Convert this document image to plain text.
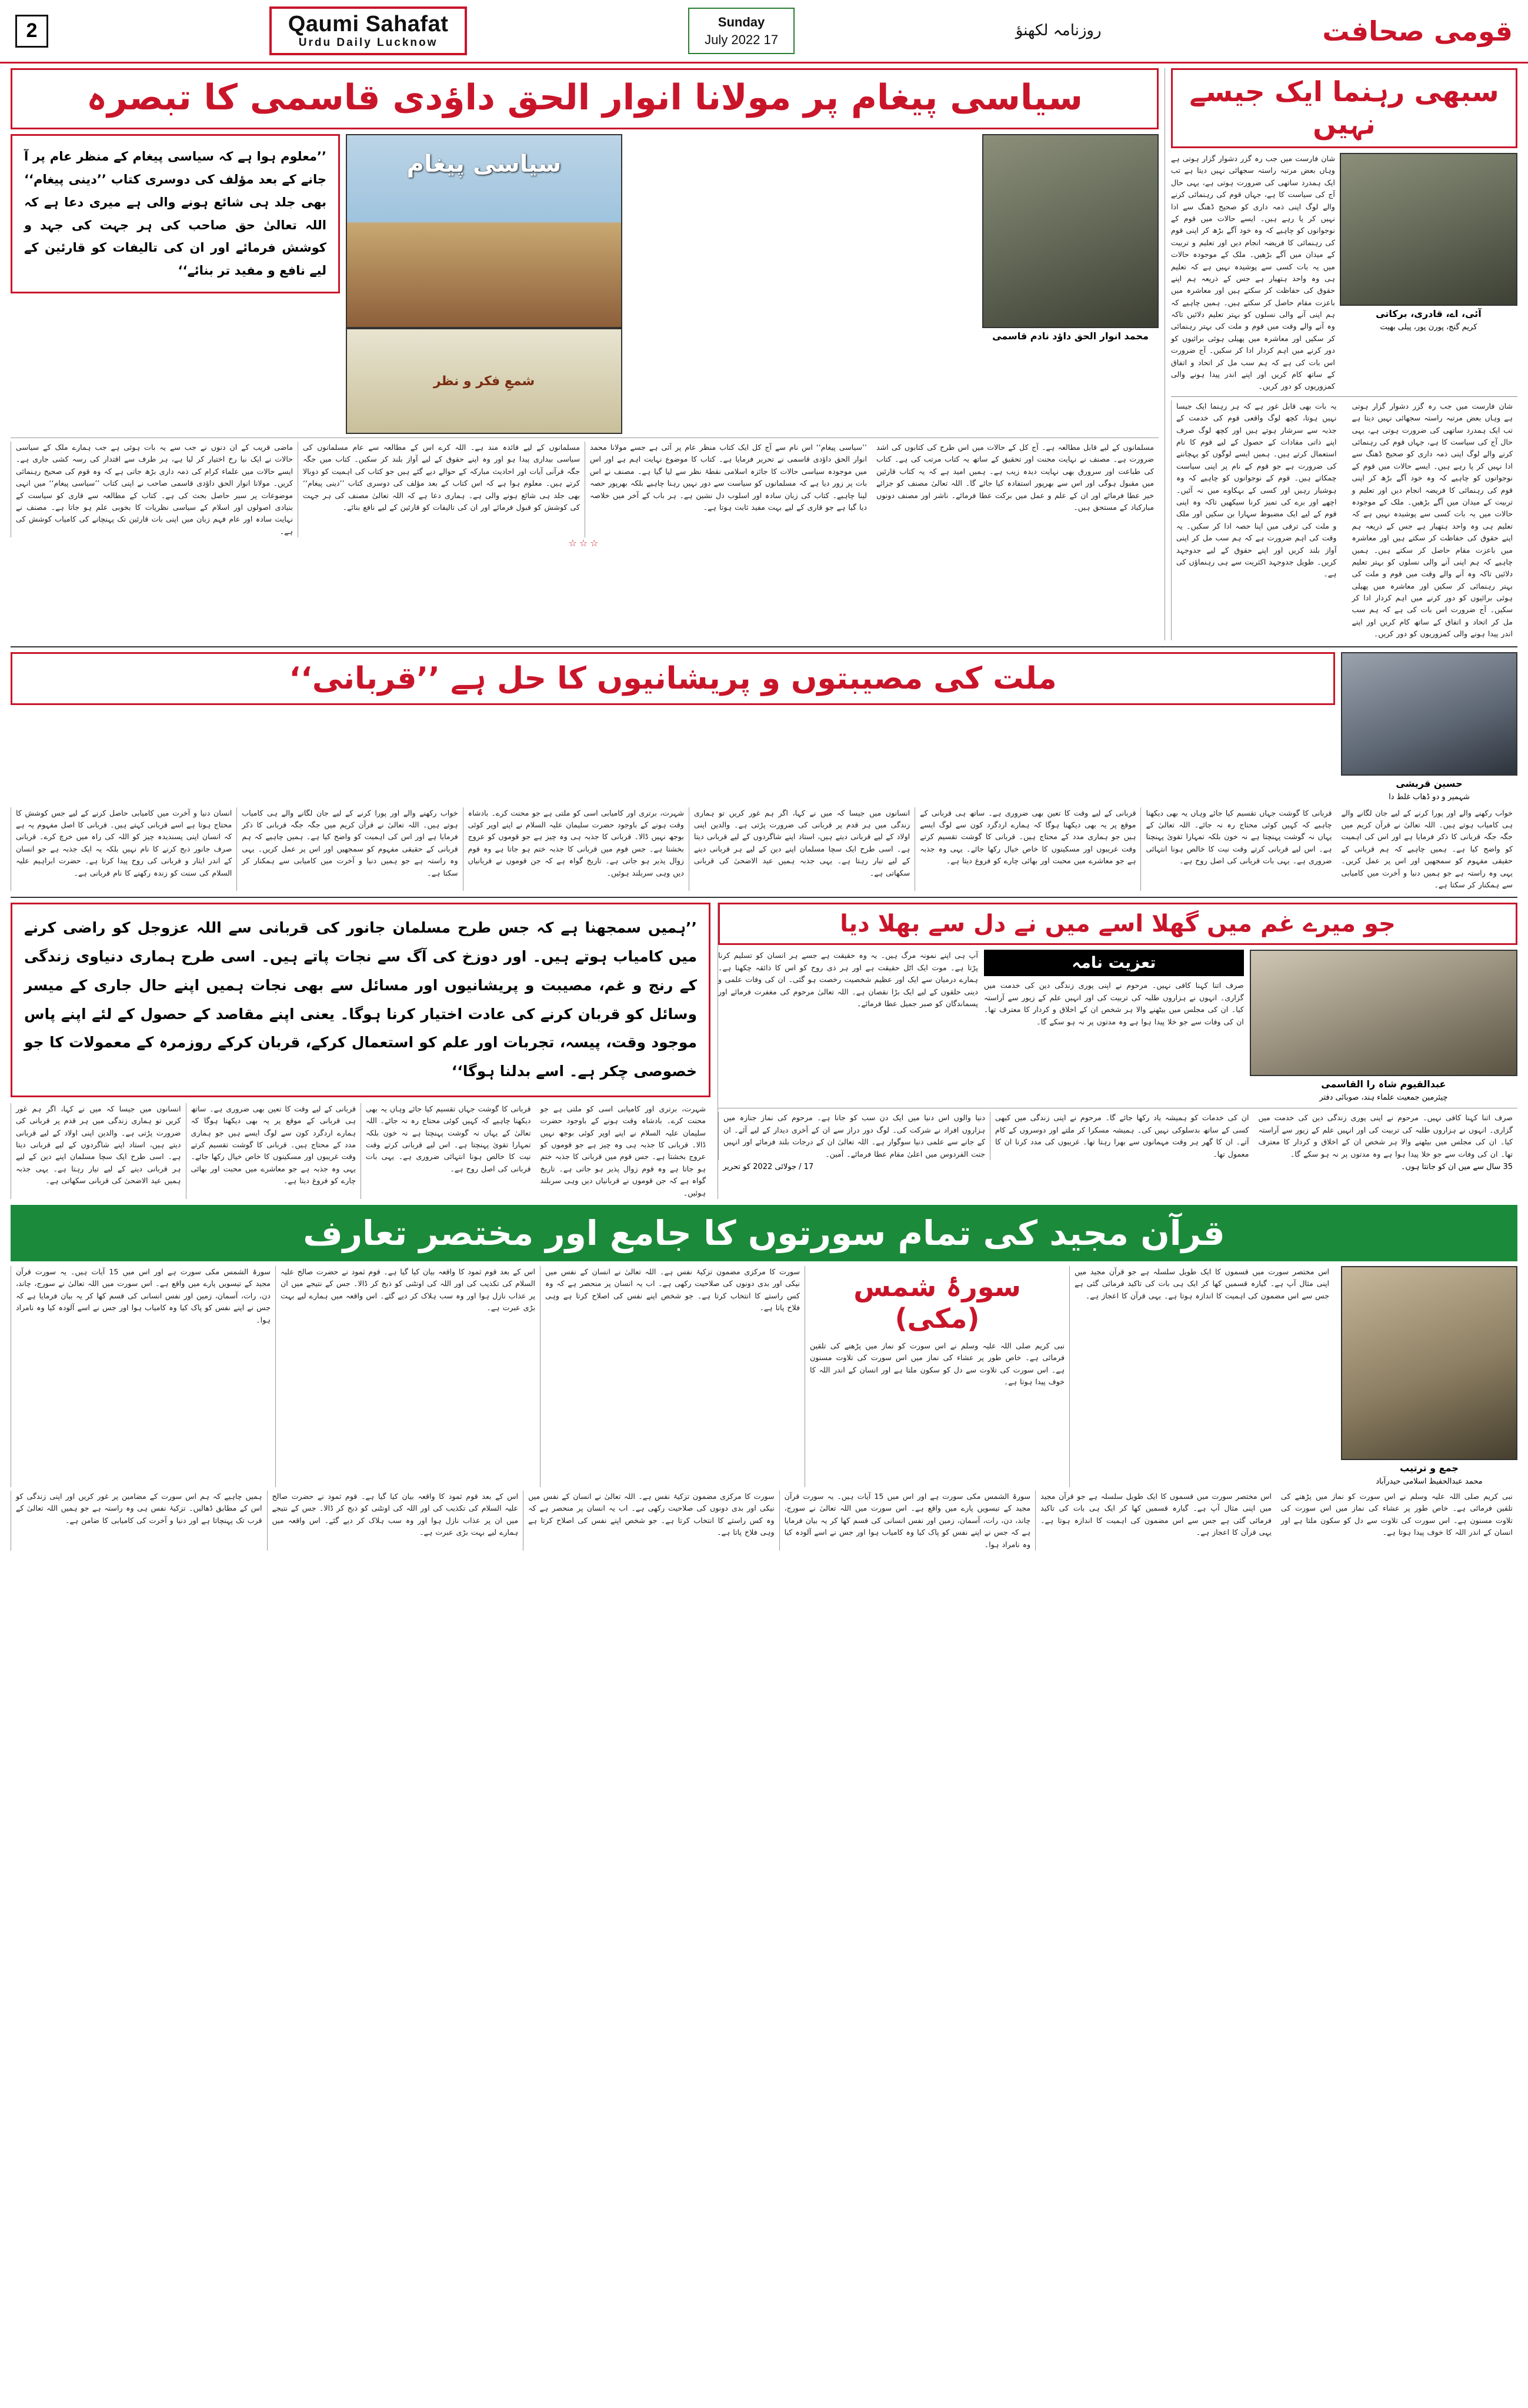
2	Qaumi Sahafat
Urdu Daily Lucknow
Sunday
17 July 2022	روزنامہ لکھنؤ	قومی صحافت
سیاسی پیغام پر مولانا انوار الحق داؤدی قاسمی کا تبصرہ
’’معلوم ہوا ہے کہ سیاسی پیغام کے منظر عام پر آ جانے کے بعد مؤلف کی دوسری کتاب ’’دینی پیغام‘‘ بھی جلد ہی شائع ہونے والی ہے میری دعا ہے کہ اللہ تعالیٰ حق صاحب کی ہر جہت کی جہد و کوشش فرمائے اور ان کی تالیفات کو قارئین کے لیے نافع و مفید تر بنائے‘‘
سیاسی پیغام
شمعِ فکر و نظر
محمد انوار الحق داؤد نادم قاسمی
ماضی قریب کے ان دنوں نے جب سے یہ بات ہوئی ہے جب ہمارے ملک کے سیاسی حالات نے ایک نیا رخ اختیار کر لیا ہے، ہر طرف سے اقتدار کی رسہ کشی جاری ہے۔ ایسے حالات میں علماء کرام کی ذمہ داری بڑھ جاتی ہے کہ وہ قوم کی صحیح رہنمائی کریں۔ مولانا انوار الحق داؤدی قاسمی صاحب نے اپنی کتاب ’’سیاسی پیغام‘‘ میں انہی موضوعات پر سیر حاصل بحث کی ہے۔ کتاب کے مطالعہ سے قاری کو سیاست کے بنیادی اصولوں اور اسلام کے سیاسی نظریات کا بخوبی علم ہو جاتا ہے۔ مصنف نے نہایت سادہ اور عام فہم زبان میں اپنی بات قارئین تک پہنچانے کی کامیاب کوشش کی ہے۔
مسلمانوں کے لیے فائدہ مند ہے۔ اللہ کرے اس کے مطالعہ سے عام مسلمانوں کی سیاسی بیداری پیدا ہو اور وہ اپنے حقوق کے لیے آواز بلند کر سکیں۔ کتاب میں جگہ جگہ قرآنی آیات اور احادیث مبارکہ کے حوالے دیے گئے ہیں جو کتاب کی اہمیت کو دوبالا کرتے ہیں۔ معلوم ہوا ہے کہ اس کتاب کے بعد مؤلف کی دوسری کتاب ’’دینی پیغام‘‘ بھی جلد ہی شائع ہونے والی ہے۔ ہماری دعا ہے کہ اللہ تعالیٰ مصنف کی ہر جہت کی کوشش کو قبول فرمائے اور ان کی تالیفات کو قارئین کے لیے نافع بنائے۔
’’سیاسی پیغام‘‘ اس نام سے آج کل ایک کتاب منظر عام پر آئی ہے جسے مولانا محمد انوار الحق داؤدی قاسمی نے تحریر فرمایا ہے۔ کتاب کا موضوع نہایت اہم ہے اور اس میں موجودہ سیاسی حالات کا جائزہ اسلامی نقطۂ نظر سے لیا گیا ہے۔ مصنف نے اس بات پر زور دیا ہے کہ مسلمانوں کو سیاست سے دور نہیں رہنا چاہیے بلکہ بھرپور حصہ لینا چاہیے۔ کتاب کی زبان سادہ اور اسلوب دل نشین ہے۔ ہر باب کے آخر میں خلاصہ دیا گیا ہے جو قاری کے لیے بہت مفید ثابت ہوتا ہے۔
مسلمانوں کے لیے قابل مطالعہ ہے۔ آج کل کے حالات میں اس طرح کی کتابوں کی اشد ضرورت ہے۔ مصنف نے نہایت محنت اور تحقیق کے ساتھ یہ کتاب مرتب کی ہے۔ کتاب کی طباعت اور سرورق بھی نہایت دیدہ زیب ہے۔ ہمیں امید ہے کہ یہ کتاب قارئین میں مقبول ہوگی اور اس سے بھرپور استفادہ کیا جائے گا۔ اللہ تعالیٰ مصنف کو جزائے خیر عطا فرمائے اور ان کے علم و عمل میں برکت عطا فرمائے۔ ناشر اور مصنف دونوں مبارکباد کے مستحق ہیں۔
☆☆☆
سبھی رہنما ایک جیسے نہیں
شان فارست میں جب رہ گزر دشوار گزار ہوتی ہے وہاں بعض مرتبہ راستہ سجھائی نہیں دیتا ہے تب ایک ہمدرد ساتھی کی ضرورت ہوتی ہے، یہی حال آج کی سیاست کا ہے، جہاں قوم کی رہنمائی کرنے والے لوگ اپنی ذمہ داری کو صحیح ڈھنگ سے ادا نہیں کر پا رہے ہیں۔ ایسے حالات میں قوم کے نوجوانوں کو چاہیے کہ وہ خود آگے بڑھ کر اپنی قوم کی رہنمائی کا فریضہ انجام دیں اور تعلیم و تربیت کے میدان میں آگے بڑھیں۔ ملک کے موجودہ حالات میں یہ بات کسی سے پوشیدہ نہیں ہے کہ تعلیم ہی وہ واحد ہتھیار ہے جس کے ذریعہ ہم اپنے حقوق کی حفاظت کر سکتے ہیں اور معاشرہ میں باعزت مقام حاصل کر سکتے ہیں۔ ہمیں چاہیے کہ ہم اپنی آنے والی نسلوں کو بہتر تعلیم دلائیں تاکہ وہ آنے والے وقت میں قوم و ملت کی بہتر رہنمائی کر سکیں اور معاشرہ میں پھیلی ہوئی برائیوں کو دور کرنے میں اہم کردار ادا کر سکیں۔ آج ضرورت اس بات کی ہے کہ ہم سب مل کر اتحاد و اتفاق کے ساتھ کام کریں اور اپنے اندر پیدا ہونے والی کمزوریوں کو دور کریں۔
آئی، اے، قادری، برکاتی
کریم گنج، پورن پور، پیلی بھیت
یہ بات بھی قابل غور ہے کہ ہر رہنما ایک جیسا نہیں ہوتا، کچھ لوگ واقعی قوم کی خدمت کے جذبہ سے سرشار ہوتے ہیں اور کچھ لوگ صرف اپنے ذاتی مفادات کے حصول کے لیے قوم کا نام استعمال کرتے ہیں۔ ہمیں ایسے لوگوں کو پہچاننے کی ضرورت ہے جو قوم کے نام پر اپنی سیاست چمکاتے ہیں۔ قوم کے نوجوانوں کو چاہیے کہ وہ ہوشیار رہیں اور کسی کے بہکاوے میں نہ آئیں۔ اچھے اور برے کی تمیز کرنا سیکھیں تاکہ وہ اپنی قوم کے لیے ایک مضبوط سہارا بن سکیں اور ملک و ملت کی ترقی میں اپنا حصہ ادا کر سکیں۔ یہ وقت کی اہم ضرورت ہے کہ ہم سب مل کر اپنی آواز بلند کریں اور اپنے حقوق کے لیے جدوجہد کریں۔ طویل جدوجہد اکثریت سے ہی رہنماؤں کی ہے۔
شان فارست میں جب رہ گزر دشوار گزار ہوتی ہے وہاں بعض مرتبہ راستہ سجھائی نہیں دیتا ہے تب ایک ہمدرد ساتھی کی ضرورت ہوتی ہے، یہی حال آج کی سیاست کا ہے، جہاں قوم کی رہنمائی کرنے والے لوگ اپنی ذمہ داری کو صحیح ڈھنگ سے ادا نہیں کر پا رہے ہیں۔ ایسے حالات میں قوم کے نوجوانوں کو چاہیے کہ وہ خود آگے بڑھ کر اپنی قوم کی رہنمائی کا فریضہ انجام دیں اور تعلیم و تربیت کے میدان میں آگے بڑھیں۔ ملک کے موجودہ حالات میں یہ بات کسی سے پوشیدہ نہیں ہے کہ تعلیم ہی وہ واحد ہتھیار ہے جس کے ذریعہ ہم اپنے حقوق کی حفاظت کر سکتے ہیں اور معاشرہ میں باعزت مقام حاصل کر سکتے ہیں۔ ہمیں چاہیے کہ ہم اپنی آنے والی نسلوں کو بہتر تعلیم دلائیں تاکہ وہ آنے والے وقت میں قوم و ملت کی بہتر رہنمائی کر سکیں اور معاشرہ میں پھیلی ہوئی برائیوں کو دور کرنے میں اہم کردار ادا کر سکیں۔ آج ضرورت اس بات کی ہے کہ ہم سب مل کر اتحاد و اتفاق کے ساتھ کام کریں اور اپنے اندر پیدا ہونے والی کمزوریوں کو دور کریں۔
ملت کی مصیبتوں و پریشانیوں کا حل ہے ’’قربانی‘‘
حسین قریشی
شہمیر و دو ڈھاب غلط دا
انسان دنیا و آخرت میں کامیابی حاصل کرنے کے لیے جس کوشش کا محتاج ہوتا ہے اسے قربانی کہتے ہیں۔ قربانی کا اصل مفہوم یہ ہے کہ انسان اپنی پسندیدہ چیز کو اللہ کی راہ میں خرچ کرے۔ قربانی صرف جانور ذبح کرنے کا نام نہیں بلکہ یہ ایک جذبہ ہے جو انسان کے اندر ایثار و قربانی کی روح پیدا کرتا ہے۔ حضرت ابراہیم علیہ السلام کی سنت کو زندہ رکھنے کا نام قربانی ہے۔
خواب رکھنے والے اور پورا کرنے کے لیے جان لگانے والے ہی کامیاب ہوتے ہیں۔ اللہ تعالیٰ نے قرآن کریم میں جگہ جگہ قربانی کا ذکر فرمایا ہے اور اس کی اہمیت کو واضح کیا ہے۔ ہمیں چاہیے کہ ہم قربانی کے حقیقی مفہوم کو سمجھیں اور اس پر عمل کریں۔ یہی وہ راستہ ہے جو ہمیں دنیا و آخرت میں کامیابی سے ہمکنار کر سکتا ہے۔
شہرت، برتری اور کامیابی اسی کو ملتی ہے جو محنت کرے۔ بادشاہ وقت ہونے کے باوجود حضرت سلیمان علیہ السلام نے اپنے اوپر کوئی بوجھ نہیں ڈالا۔ قربانی کا جذبہ ہی وہ چیز ہے جو قوموں کو عروج بخشتا ہے۔ جس قوم میں قربانی کا جذبہ ختم ہو جاتا ہے وہ قوم زوال پذیر ہو جاتی ہے۔ تاریخ گواہ ہے کہ جن قوموں نے قربانیاں دیں وہی سربلند ہوئیں۔
انسانوں میں جیسا کہ میں نے کہا، اگر ہم غور کریں تو ہماری زندگی میں ہر قدم پر قربانی کی ضرورت پڑتی ہے۔ والدین اپنی اولاد کے لیے قربانی دیتے ہیں، استاد اپنے شاگردوں کے لیے قربانی دیتا ہے۔ اسی طرح ایک سچا مسلمان اپنے دین کے لیے ہر قربانی دینے کے لیے تیار رہتا ہے۔ یہی جذبہ ہمیں عید الاضحیٰ کی قربانی سکھاتی ہے۔
قربانی کے لیے وقت کا تعین بھی ضروری ہے۔ ساتھ ہی قربانی کے موقع پر یہ بھی دیکھنا ہوگا کہ ہمارے اردگرد کون سے لوگ ایسے ہیں جو ہماری مدد کے محتاج ہیں۔ قربانی کا گوشت تقسیم کرتے وقت غریبوں اور مسکینوں کا خاص خیال رکھا جائے۔ یہی وہ جذبہ ہے جو معاشرے میں محبت اور بھائی چارے کو فروغ دیتا ہے۔
قربانی کا گوشت جہاں تقسیم کیا جائے وہاں یہ بھی دیکھنا چاہیے کہ کہیں کوئی محتاج رہ نہ جائے۔ اللہ تعالیٰ کے یہاں نہ گوشت پہنچتا ہے نہ خون بلکہ تمہارا تقویٰ پہنچتا ہے۔ اس لیے قربانی کرتے وقت نیت کا خالص ہونا انتہائی ضروری ہے۔ یہی بات قربانی کی اصل روح ہے۔
خواب رکھنے والے اور پورا کرنے کے لیے جان لگانے والے ہی کامیاب ہوتے ہیں۔ اللہ تعالیٰ نے قرآن کریم میں جگہ جگہ قربانی کا ذکر فرمایا ہے اور اس کی اہمیت کو واضح کیا ہے۔ ہمیں چاہیے کہ ہم قربانی کے حقیقی مفہوم کو سمجھیں اور اس پر عمل کریں۔ یہی وہ راستہ ہے جو ہمیں دنیا و آخرت میں کامیابی سے ہمکنار کر سکتا ہے۔
’’ہمیں سمجھنا ہے کہ جس طرح مسلمان جانور کی قربانی سے اللہ عزوجل کو راضی کرنے میں کامیاب ہوتے ہیں۔ اور دوزخ کی آگ سے نجات پاتے ہیں۔ اسی طرح ہماری دنیاوی زندگی کے رنج و غم، مصیبت و پریشانیوں اور مسائل سے بھی نجات ہمیں اپنے حال جاری کے میسر وسائل کو قربان کرنے کی عادت اختیار کرنا ہوگا۔ یعنی اپنے مقاصد کے حصول کے لئے اپنے پاس موجود وقت، پیسہ، تجربات اور علم کو استعمال کرکے، قربان کرکے روزمرہ کے معمولات کا جو خصوصی چکر ہے۔ اسے بدلنا ہوگا‘‘
انسانوں میں جیسا کہ میں نے کہا، اگر ہم غور کریں تو ہماری زندگی میں ہر قدم پر قربانی کی ضرورت پڑتی ہے۔ والدین اپنی اولاد کے لیے قربانی دیتے ہیں، استاد اپنے شاگردوں کے لیے قربانی دیتا ہے۔ اسی طرح ایک سچا مسلمان اپنے دین کے لیے ہر قربانی دینے کے لیے تیار رہتا ہے۔ یہی جذبہ ہمیں عید الاضحیٰ کی قربانی سکھاتی ہے۔
قربانی کے لیے وقت کا تعین بھی ضروری ہے۔ ساتھ ہی قربانی کے موقع پر یہ بھی دیکھنا ہوگا کہ ہمارے اردگرد کون سے لوگ ایسے ہیں جو ہماری مدد کے محتاج ہیں۔ قربانی کا گوشت تقسیم کرتے وقت غریبوں اور مسکینوں کا خاص خیال رکھا جائے۔ یہی وہ جذبہ ہے جو معاشرے میں محبت اور بھائی چارے کو فروغ دیتا ہے۔
قربانی کا گوشت جہاں تقسیم کیا جائے وہاں یہ بھی دیکھنا چاہیے کہ کہیں کوئی محتاج رہ نہ جائے۔ اللہ تعالیٰ کے یہاں نہ گوشت پہنچتا ہے نہ خون بلکہ تمہارا تقویٰ پہنچتا ہے۔ اس لیے قربانی کرتے وقت نیت کا خالص ہونا انتہائی ضروری ہے۔ یہی بات قربانی کی اصل روح ہے۔
شہرت، برتری اور کامیابی اسی کو ملتی ہے جو محنت کرے۔ بادشاہ وقت ہونے کے باوجود حضرت سلیمان علیہ السلام نے اپنے اوپر کوئی بوجھ نہیں ڈالا۔ قربانی کا جذبہ ہی وہ چیز ہے جو قوموں کو عروج بخشتا ہے۔ جس قوم میں قربانی کا جذبہ ختم ہو جاتا ہے وہ قوم زوال پذیر ہو جاتی ہے۔ تاریخ گواہ ہے کہ جن قوموں نے قربانیاں دیں وہی سربلند ہوئیں۔
جو میرے غم میں گھلا اسے میں نے دل سے بھلا دیا
آپ ہی اپنے نمونہ مرگ ہیں۔ یہ وہ حقیقت ہے جسے ہر انسان کو تسلیم کرنا پڑتا ہے۔ موت ایک اٹل حقیقت ہے اور ہر ذی روح کو اس کا ذائقہ چکھنا ہے۔ ہمارے درمیان سے ایک اور عظیم شخصیت رخصت ہو گئی۔ ان کی وفات علمی و دینی حلقوں کے لیے ایک بڑا نقصان ہے۔ اللہ تعالیٰ مرحوم کی مغفرت فرمائے اور پسماندگان کو صبر جمیل عطا فرمائے۔
تعزیت نامہ
صرف اتنا کہنا کافی نہیں۔ مرحوم نے اپنی پوری زندگی دین کی خدمت میں گزاری۔ انہوں نے ہزاروں طلبہ کی تربیت کی اور انہیں علم کے زیور سے آراستہ کیا۔ ان کی مجلس میں بیٹھنے والا ہر شخص ان کے اخلاق و کردار کا معترف تھا۔ ان کی وفات سے جو خلا پیدا ہوا ہے وہ مدتوں پر نہ ہو سکے گا۔
عبدالقیوم شاہ را القاسمی
چیئرمین جمعیت علماء ہند، صوبائی دفتر
دنیا والوں اس دنیا میں ایک دن سب کو جانا ہے۔ مرحوم کی نماز جنازہ میں ہزاروں افراد نے شرکت کی۔ لوگ دور دراز سے ان کے آخری دیدار کے لیے آئے۔ ان کے جانے سے علمی دنیا سوگوار ہے۔ اللہ تعالیٰ ان کے درجات بلند فرمائے اور انہیں جنت الفردوس میں اعلیٰ مقام عطا فرمائے۔ آمین۔
ان کی خدمات کو ہمیشہ یاد رکھا جائے گا۔ مرحوم نے اپنی زندگی میں کبھی کسی کے ساتھ بدسلوکی نہیں کی۔ ہمیشہ مسکرا کر ملتے اور دوسروں کے کام آتے۔ ان کا گھر ہر وقت مہمانوں سے بھرا رہتا تھا۔ غریبوں کی مدد کرنا ان کا معمول تھا۔
صرف اتنا کہنا کافی نہیں۔ مرحوم نے اپنی پوری زندگی دین کی خدمت میں گزاری۔ انہوں نے ہزاروں طلبہ کی تربیت کی اور انہیں علم کے زیور سے آراستہ کیا۔ ان کی مجلس میں بیٹھنے والا ہر شخص ان کے اخلاق و کردار کا معترف تھا۔ ان کی وفات سے جو خلا پیدا ہوا ہے وہ مدتوں پر نہ ہو سکے گا۔
17 / جولائی 2022 کو تحریر	35 سال سے میں ان کو جانتا ہوں۔
قرآن مجید کی تمام سورتوں کا جامع اور مختصر تعارف
سورۃ الشمس مکی سورت ہے اور اس میں 15 آیات ہیں۔ یہ سورت قرآن مجید کے تیسویں پارے میں واقع ہے۔ اس سورت میں اللہ تعالیٰ نے سورج، چاند، دن، رات، آسمان، زمین اور نفس انسانی کی قسم کھا کر یہ بیان فرمایا ہے کہ جس نے اپنے نفس کو پاک کیا وہ کامیاب ہوا اور جس نے اسے آلودہ کیا وہ نامراد ہوا۔
اس کے بعد قوم ثمود کا واقعہ بیان کیا گیا ہے۔ قوم ثمود نے حضرت صالح علیہ السلام کی تکذیب کی اور اللہ کی اونٹنی کو ذبح کر ڈالا۔ جس کے نتیجے میں ان پر عذاب نازل ہوا اور وہ سب ہلاک کر دیے گئے۔ اس واقعہ میں ہمارے لیے بہت بڑی عبرت ہے۔
سورت کا مرکزی مضمون تزکیۂ نفس ہے۔ اللہ تعالیٰ نے انسان کے نفس میں نیکی اور بدی دونوں کی صلاحیت رکھی ہے۔ اب یہ انسان پر منحصر ہے کہ وہ کس راستے کا انتخاب کرتا ہے۔ جو شخص اپنے نفس کی اصلاح کرتا ہے وہی فلاح پاتا ہے۔
سورۂ شمس (مکی)
نبی کریم صلی اللہ علیہ وسلم نے اس سورت کو نماز میں پڑھنے کی تلقین فرمائی ہے۔ خاص طور پر عشاء کی نماز میں اس سورت کی تلاوت مسنون ہے۔ اس سورت کی تلاوت سے دل کو سکون ملتا ہے اور انسان کے اندر اللہ کا خوف پیدا ہوتا ہے۔
اس مختصر سورت میں قسموں کا ایک طویل سلسلہ ہے جو قرآن مجید میں اپنی مثال آپ ہے۔ گیارہ قسمیں کھا کر ایک ہی بات کی تاکید فرمائی گئی ہے جس سے اس مضمون کی اہمیت کا اندازہ ہوتا ہے۔ یہی قرآن کا اعجاز ہے۔
جمع و ترتیب
محمد عبدالحفیظ اسلامی حیدرآباد
ہمیں چاہیے کہ ہم اس سورت کے مضامین پر غور کریں اور اپنی زندگی کو اس کے مطابق ڈھالیں۔ تزکیۂ نفس ہی وہ راستہ ہے جو ہمیں اللہ تعالیٰ کے قرب تک پہنچاتا ہے اور دنیا و آخرت کی کامیابی کا ضامن ہے۔
اس کے بعد قوم ثمود کا واقعہ بیان کیا گیا ہے۔ قوم ثمود نے حضرت صالح علیہ السلام کی تکذیب کی اور اللہ کی اونٹنی کو ذبح کر ڈالا۔ جس کے نتیجے میں ان پر عذاب نازل ہوا اور وہ سب ہلاک کر دیے گئے۔ اس واقعہ میں ہمارے لیے بہت بڑی عبرت ہے۔
سورت کا مرکزی مضمون تزکیۂ نفس ہے۔ اللہ تعالیٰ نے انسان کے نفس میں نیکی اور بدی دونوں کی صلاحیت رکھی ہے۔ اب یہ انسان پر منحصر ہے کہ وہ کس راستے کا انتخاب کرتا ہے۔ جو شخص اپنے نفس کی اصلاح کرتا ہے وہی فلاح پاتا ہے۔
سورۃ الشمس مکی سورت ہے اور اس میں 15 آیات ہیں۔ یہ سورت قرآن مجید کے تیسویں پارے میں واقع ہے۔ اس سورت میں اللہ تعالیٰ نے سورج، چاند، دن، رات، آسمان، زمین اور نفس انسانی کی قسم کھا کر یہ بیان فرمایا ہے کہ جس نے اپنے نفس کو پاک کیا وہ کامیاب ہوا اور جس نے اسے آلودہ کیا وہ نامراد ہوا۔
اس مختصر سورت میں قسموں کا ایک طویل سلسلہ ہے جو قرآن مجید میں اپنی مثال آپ ہے۔ گیارہ قسمیں کھا کر ایک ہی بات کی تاکید فرمائی گئی ہے جس سے اس مضمون کی اہمیت کا اندازہ ہوتا ہے۔ یہی قرآن کا اعجاز ہے۔
نبی کریم صلی اللہ علیہ وسلم نے اس سورت کو نماز میں پڑھنے کی تلقین فرمائی ہے۔ خاص طور پر عشاء کی نماز میں اس سورت کی تلاوت مسنون ہے۔ اس سورت کی تلاوت سے دل کو سکون ملتا ہے اور انسان کے اندر اللہ کا خوف پیدا ہوتا ہے۔
